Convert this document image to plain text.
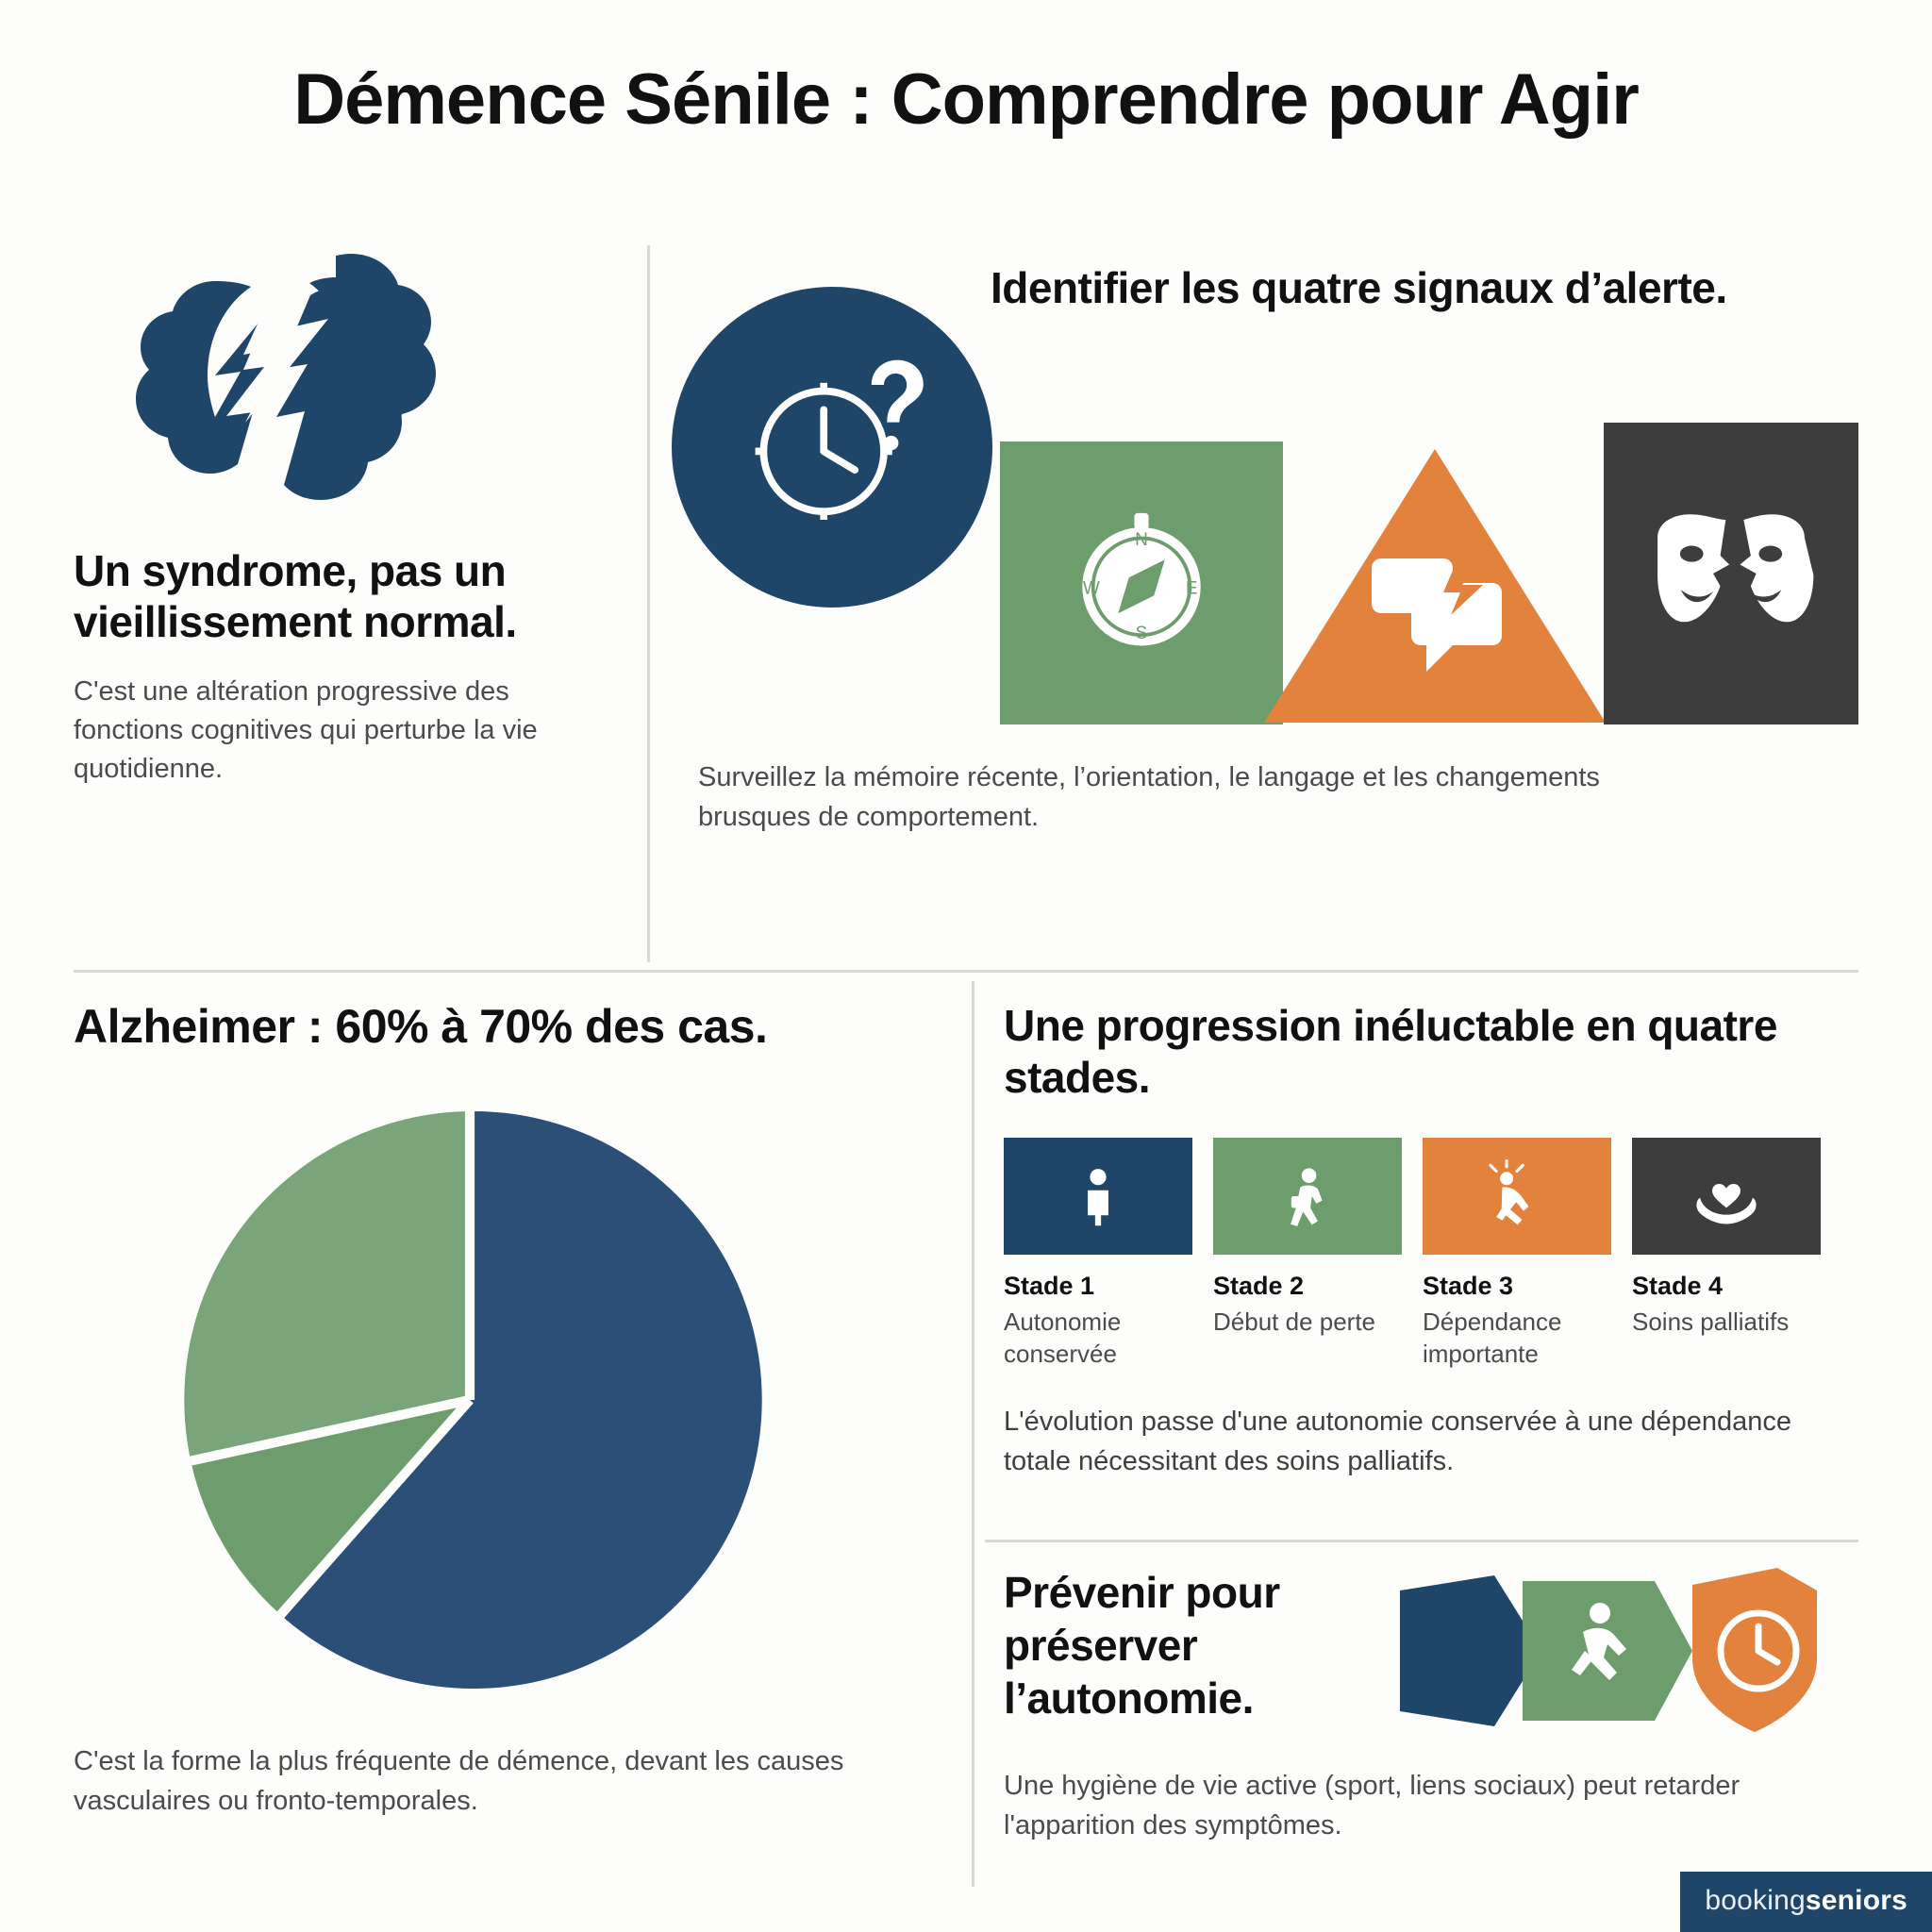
Démence Sénile : Comprendre pour Agir
Un syndrome, pas un vieillissement normal.

C'est une altération progressive des fonctions cognitives qui perturbe la vie quotidienne.

Identifier les quatre signaux d’alerte.
N
S
W	E
Surveillez la mémoire récente, l’orientation, le langage et les changements brusques de comportement.
Alzheimer : 60% à 70% des cas.

C'est la forme la plus fréquente de démence, devant les causes vasculaires ou fronto-temporales.

Une progression inéluctable en quatre stades.
Stade 1
Autonomie conservée
Stade 2
Début de perte
Stade 3
Dépendance importante
Stade 4
Soins palliatifs
L'évolution passe d'une autonomie conservée à une dépendance totale nécessitant des soins palliatifs.
Prévenir pour préserver l’autonomie.
Une hygiène de vie active (sport, liens sociaux) peut retarder l'apparition des symptômes.
bookingseniors
